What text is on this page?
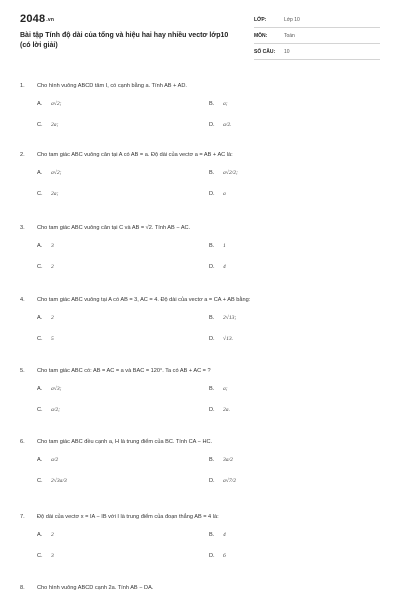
2048.vn
Bài tập Tính độ dài của tổng và hiệu hai hay nhiều vectơ lớp10 (có lời giải)
LỚP:	Lớp 10
MÔN:	Toán
SỐ CÂU:	10
1.	Cho hình vuông ABCD tâm I, có cạnh bằng a. Tính AB + AD.
A.	a√2;	B.	a;
C.	2a;	D.	a/2.
2.	Cho tam giác ABC vuông cân tại A có AB = a. Độ dài của vectơ a = AB + AC là:
A.	a√2;	B.	a√2/2;
C.	2a;	D.	a
3.	Cho tam giác ABC vuông cân tại C và AB = √2. Tính AB − AC.
A.	3	B.	1
C.	2	D.	4
4.	Cho tam giác ABC vuông tại A có AB = 3, AC = 4. Độ dài của vectơ a = CA + AB bằng:
A.	2	B.	2√13;
C.	5	D.	√13.
5.	Cho tam giác ABC có: AB = AC = a và BAC = 120°. Ta có AB + AC = ?
A.	a√3;	B.	a;
C.	a/2;	D.	2a.
6.	Cho tam giác ABC đều cạnh a, H là trung điểm của BC. Tính CA − HC.
A.	a/2	B.	3a/2
C.	2√3a/3	D.	a√7/2
7.	Độ dài của vectơ x = IA − IB với I là trung điểm của đoạn thẳng AB = 4 là:
A.	2	B.	4
C.	3	D.	6
8.	Cho hình vuông ABCD cạnh 2a. Tính AB − DA.
